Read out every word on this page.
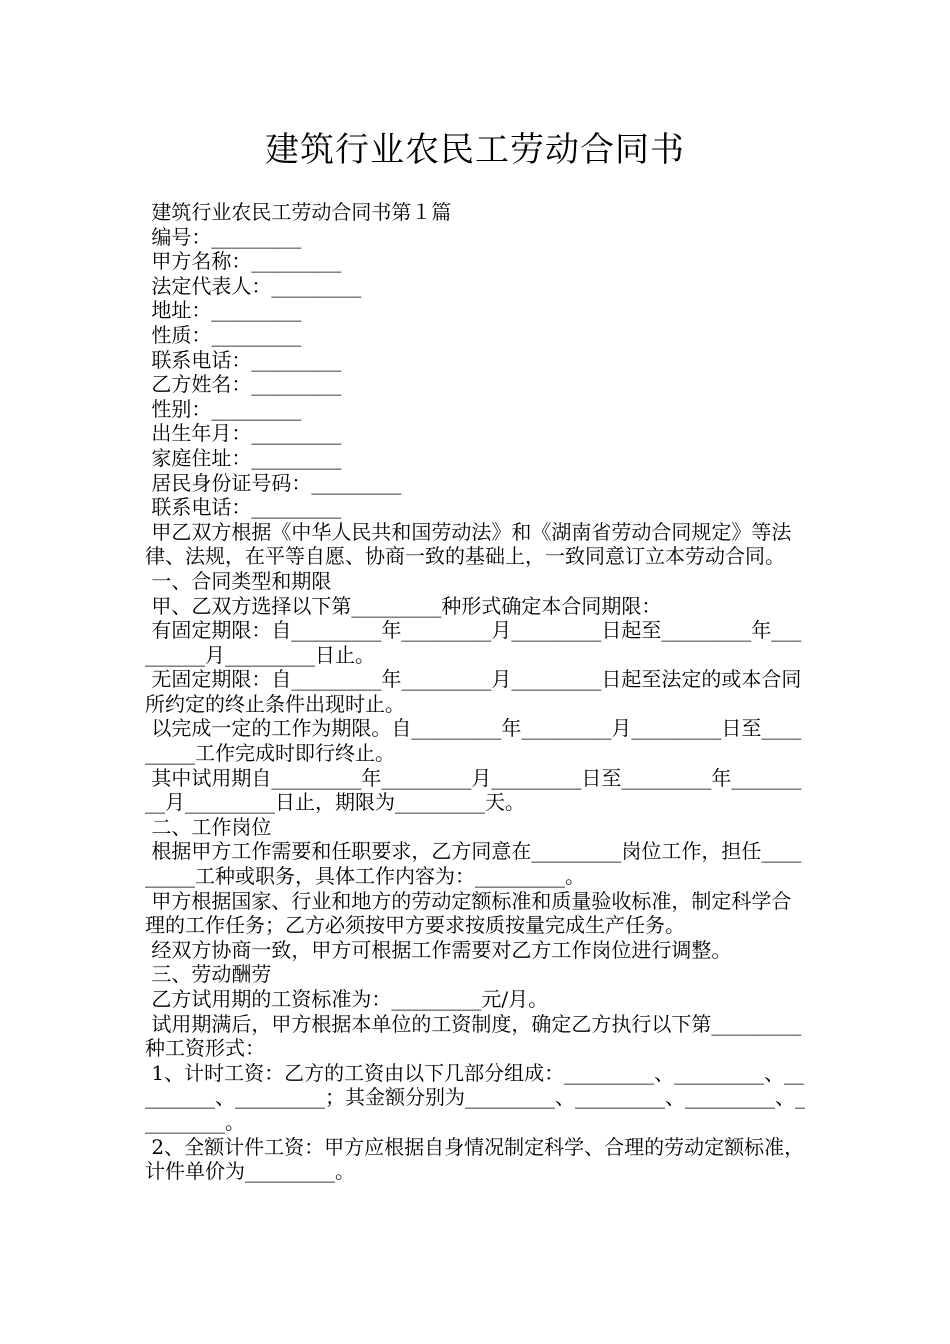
建筑行业农民工劳动合同书

建筑行业农民工劳动合同书第１篇

编号：_________

甲方名称：_________

法定代表人：_________

地址：_________

性质：_________

联系电话：_________

乙方姓名：_________

性别：_________

出生年月：_________

家庭住址：_________

居民身份证号码：_________

联系电话：_________

甲乙双方根据《中华人民共和国劳动法》和《湖南省劳动合同规定》等法律、法规，在平等自愿、协商一致的基础上，一致同意订立本劳动合同。

一、合同类型和期限

甲、乙双方选择以下第_________种形式确定本合同期限：

有固定期限：自_________年_________月_________日起至_________年_________月_________日止。

无固定期限：自_________年_________月_________日起至法定的或本合同所约定的终止条件出现时止。

以完成一定的工作为期限。自_________年_________月_________日至_________工作完成时即行终止。

其中试用期自_________年_________月_________日至_________年_________月_________日止，期限为_________天。

二、工作岗位

根据甲方工作需要和任职要求，乙方同意在_________岗位工作，担任_________工种或职务，具体工作内容为：_________。

甲方根据国家、行业和地方的劳动定额标准和质量验收标准，制定科学合理的工作任务；乙方必须按甲方要求按质按量完成生产任务。

经双方协商一致，甲方可根据工作需要对乙方工作岗位进行调整。

三、劳动酬劳

乙方试用期的工资标准为：_________元/月。

试用期满后，甲方根据本单位的工资制度，确定乙方执行以下第_________种工资形式：

1、计时工资：乙方的工资由以下几部分组成：_________、_________、_________、_________；其金额分别为_________、_________、_________、_________。

2、全额计件工资：甲方应根据自身情况制定科学、合理的劳动定额标准，计件单价为_________。
